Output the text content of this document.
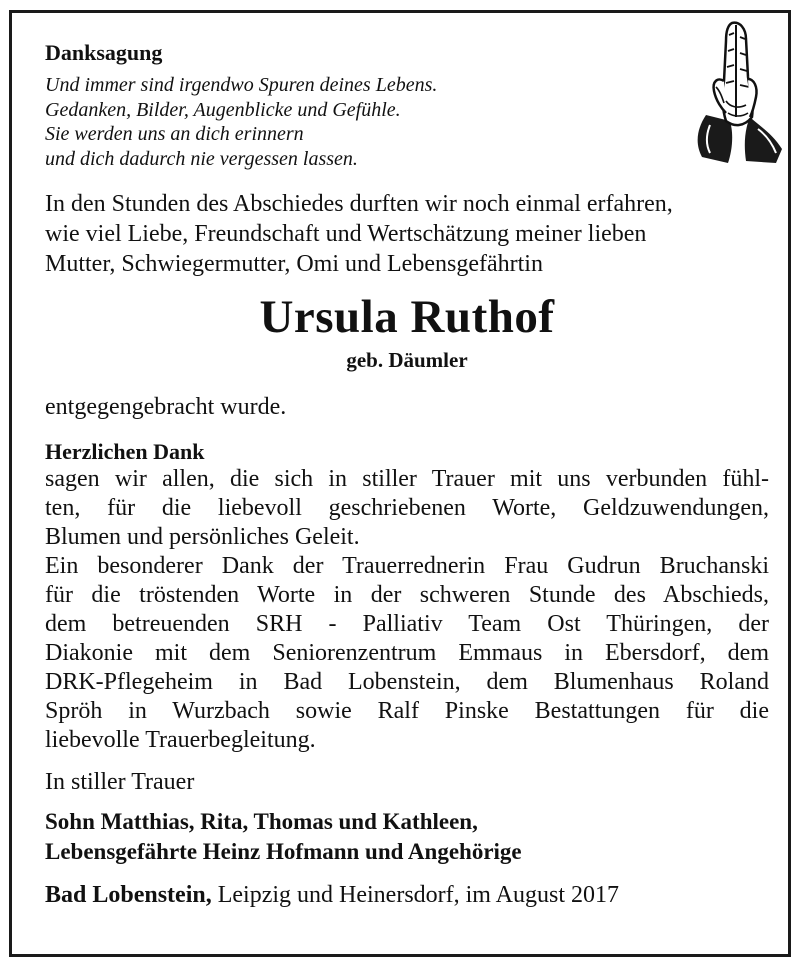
Danksagung
Und immer sind irgendwo Spuren deines Lebens.
Gedanken, Bilder, Augenblicke und Gefühle.
Sie werden uns an dich erinnern
und dich dadurch nie vergessen lassen.
In den Stunden des Abschiedes durften wir noch einmal erfahren,
wie viel Liebe, Freundschaft und Wertschätzung meiner lieben
Mutter, Schwiegermutter, Omi und Lebensgefährtin
Ursula Ruthof
geb. Däumler
entgegengebracht wurde.
Herzlichen Dank
sagen wir allen, die sich in stiller Trauer mit uns verbunden fühl-
ten, für die liebevoll geschriebenen Worte, Geldzuwendungen,
Blumen und persönliches Geleit.
Ein besonderer Dank der Trauerrednerin Frau Gudrun Bruchanski
für die tröstenden Worte in der schweren Stunde des Abschieds,
dem betreuenden SRH - Palliativ Team Ost Thüringen, der
Diakonie mit dem Seniorenzentrum Emmaus in Ebersdorf, dem
DRK-Pflegeheim in Bad Lobenstein, dem Blumenhaus Roland
Spröh in Wurzbach sowie Ralf Pinske Bestattungen für die
liebevolle Trauerbegleitung.
In stiller Trauer
Sohn Matthias, Rita, Thomas und Kathleen,
Lebensgefährte Heinz Hofmann und Angehörige
Bad Lobenstein, Leipzig und Heinersdorf, im August 2017
